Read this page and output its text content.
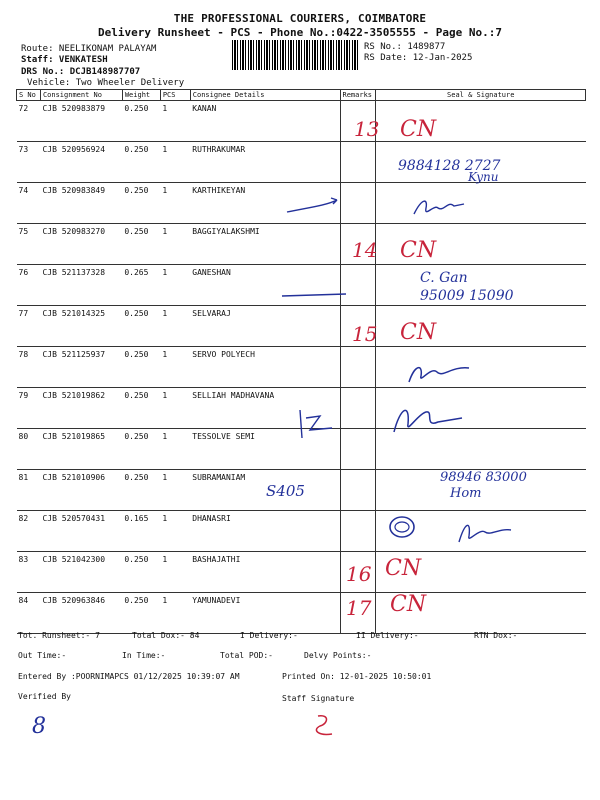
THE PROFESSIONAL COURIERS, COIMBATORE
Delivery Runsheet - PCS - Phone No.:0422-3505555 - Page No.:7
Route: NEELIKONAM PALAYAM
Staff: VENKATESH
DRS No.: DCJB148987707
Vehicle: Two Wheeler Delivery
RS No.: 1489877
RS Date: 12-Jan-2025
S No	Consignment No	Weight	PCS	Consignee Details	Remarks	Seal & Signature
72	CJB 520983879	0.250	1	KANAN		
73	CJB 520956924	0.250	1	RUTHRAKUMAR		
74	CJB 520983849	0.250	1	KARTHIKEYAN		
75	CJB 520983270	0.250	1	BAGGIYALAKSHMI		
76	CJB 521137328	0.265	1	GANESHAN		
77	CJB 521014325	0.250	1	SELVARAJ		
78	CJB 521125937	0.250	1	SERVO POLYECH		
79	CJB 521019862	0.250	1	SELLIAH MADHAVANA		
80	CJB 521019865	0.250	1	TESSOLVE SEMI		
81	CJB 521010906	0.250	1	SUBRAMANIAM		
82	CJB 520570431	0.165	1	DHANASRI		
83	CJB 521042300	0.250	1	BASHAJATHI		
84	CJB 520963846	0.250	1	YAMUNADEVI		
13 CN
9884128 2727
Kynu
14 CN
C. Gan
95009 15090
15 CN
98946 83000
Hom
S405
16 CN
17 CN
Tot. Runsheet:- 7	Total Dox:- 84	I Delivery:-	II Delivery:-	RTN Dox:-
Out Time:-	In Time:-	Total POD:-	Delvy Points:-
Entered By :POORNIMAPCS 01/12/2025 10:39:07 AM	Printed On: 12-01-2025 10:50:01
Verified By	Staff Signature
8
